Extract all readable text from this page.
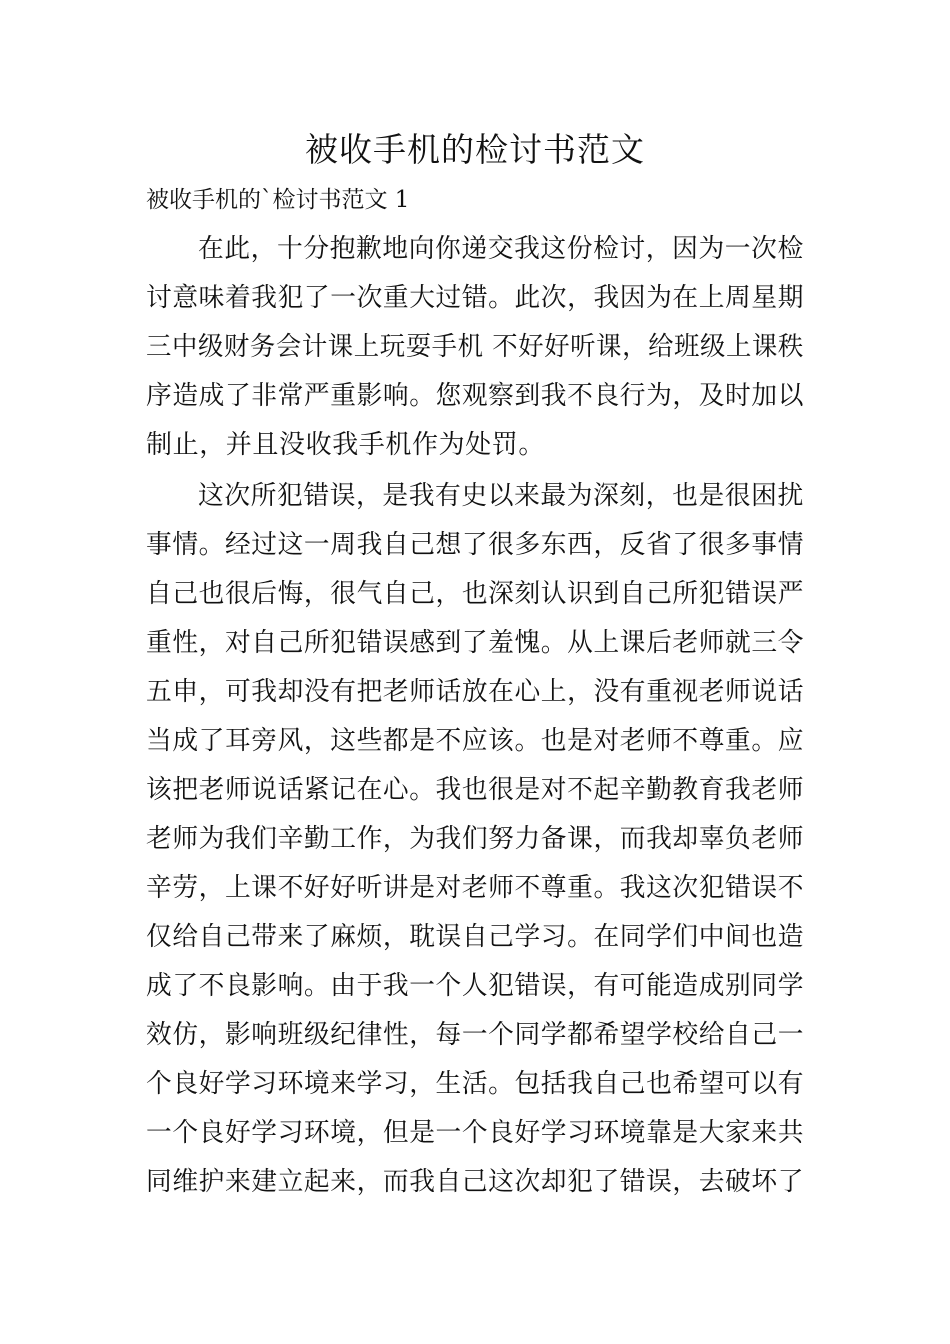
被收手机的检讨书范文
被收手机的`检讨书范文 1
在此，十分抱歉地向你递交我这份检讨，因为一次检
讨意味着我犯了一次重大过错。此次，我因为在上周星期
三中级财务会计课上玩耍手机 不好好听课，给班级上课秩
序造成了非常严重影响。您观察到我不良行为，及时加以
制止，并且没收我手机作为处罚。
这次所犯错误，是我有史以来最为深刻，也是很困扰
事情。经过这一周我自己想了很多东西，反省了很多事情
自己也很后悔，很气自己，也深刻认识到自己所犯错误严
重性，对自己所犯错误感到了羞愧。从上课后老师就三令
五申，可我却没有把老师话放在心上，没有重视老师说话
当成了耳旁风，这些都是不应该。也是对老师不尊重。应
该把老师说话紧记在心。我也很是对不起辛勤教育我老师
老师为我们辛勤工作，为我们努力备课，而我却辜负老师
辛劳，上课不好好听讲是对老师不尊重。我这次犯错误不
仅给自己带来了麻烦，耽误自己学习。在同学们中间也造
成了不良影响。由于我一个人犯错误，有可能造成别同学
效仿，影响班级纪律性，每一个同学都希望学校给自己一
个良好学习环境来学习，生活。包括我自己也希望可以有
一个良好学习环境，但是一个良好学习环境靠是大家来共
同维护来建立起来，而我自己这次却犯了错误，去破坏了
